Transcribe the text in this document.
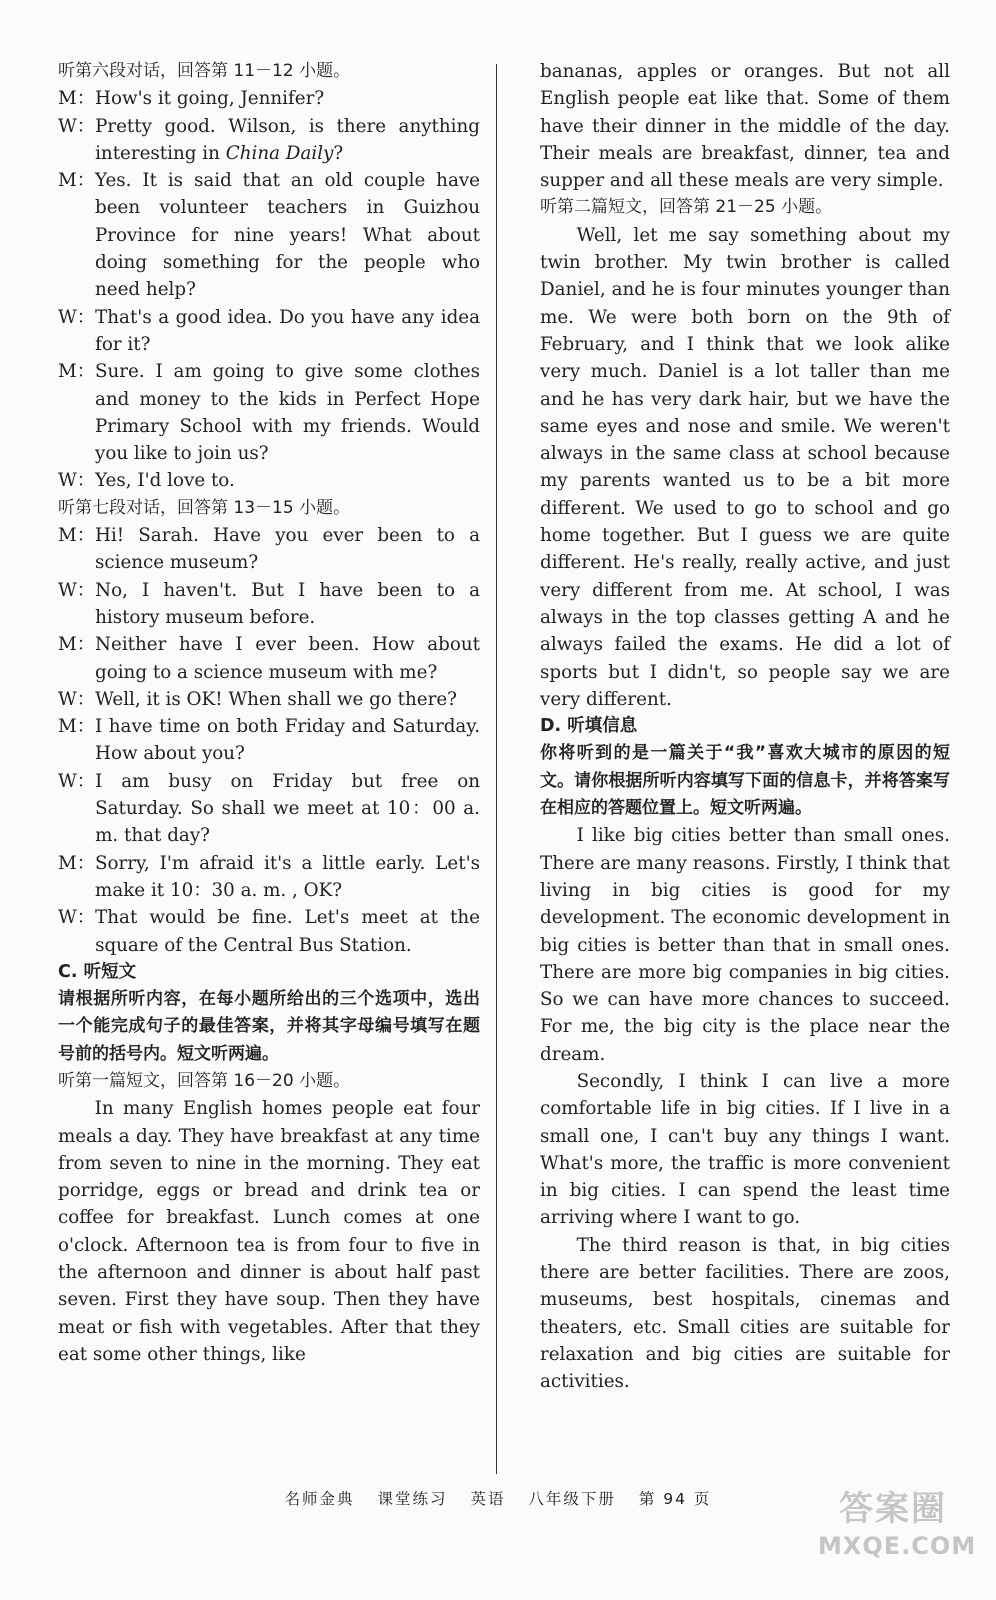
听第六段对话，回答第 11－12 小题。

M： How's it going, Jennifer?
W： Pretty good. Wilson, is there anything interesting in China Daily?
M： Yes. It is said that an old couple have been volunteer teachers in Guizhou Province for nine years! What about doing something for the people who need help?
W： That's a good idea. Do you have any idea for it?
M： Sure. I am going to give some clothes and money to the kids in Perfect Hope Primary School with my friends. Would you like to join us?
W： Yes, I'd love to.

听第七段对话，回答第 13－15 小题。

M： Hi! Sarah. Have you ever been to a science museum?
W： No, I haven't. But I have been to a history museum before.
M： Neither have I ever been. How about going to a science museum with me?
W： Well, it is OK! When shall we go there?
M： I have time on both Friday and Saturday. How about you?
W： I am busy on Friday but free on Saturday. So shall we meet at 10：00 a. m. that day?
M： Sorry, I'm afraid it's a little early. Let's make it 10：30 a. m. , OK?
W： That would be fine. Let's meet at the square of the Central Bus Station.

C. 听短文

请根据所听内容，在每小题所给出的三个选项中，选出一个能完成句子的最佳答案，并将其字母编号填写在题号前的括号内。短文听两遍。

听第一篇短文，回答第 16－20 小题。

In many English homes people eat four meals a day. They have breakfast at any time from seven to nine in the morning. They eat porridge, eggs or bread and drink tea or coffee for breakfast. Lunch comes at one o'clock. Afternoon tea is from four to five in the afternoon and dinner is about half past seven. First they have soup. Then they have meat or fish with vegetables. After that they eat some other things, like

bananas, apples or oranges. But not all English people eat like that. Some of them have their dinner in the middle of the day. Their meals are breakfast, dinner, tea and supper and all these meals are very simple.

听第二篇短文，回答第 21－25 小题。

Well, let me say something about my twin brother. My twin brother is called Daniel, and he is four minutes younger than me. We were both born on the 9th of February, and I think that we look alike very much. Daniel is a lot taller than me and he has very dark hair, but we have the same eyes and nose and smile. We weren't always in the same class at school because my parents wanted us to be a bit more different. We used to go to school and go home together. But I guess we are quite different. He's really, really active, and just very different from me. At school, I was always in the top classes getting A and he always failed the exams. He did a lot of sports but I didn't, so people say we are very different.

D. 听填信息

你将听到的是一篇关于“我”喜欢大城市的原因的短文。请你根据所听内容填写下面的信息卡，并将答案写在相应的答题位置上。短文听两遍。

I like big cities better than small ones. There are many reasons. Firstly, I think that living in big cities is good for my development. The economic development in big cities is better than that in small ones. There are more big companies in big cities. So we can have more chances to succeed. For me, the big city is the place near the dream.

Secondly, I think I can live a more comfortable life in big cities. If I live in a small one, I can't buy any things I want. What's more, the traffic is more convenient in big cities. I can spend the least time arriving where I want to go.

The third reason is that, in big cities there are better facilities. There are zoos, museums, best hospitals, cinemas and theaters, etc. Small cities are suitable for relaxation and big cities are suitable for activities.

名师金典 课堂练习 英语 八年级下册 第 94 页	答案圈
MXQE.COM
